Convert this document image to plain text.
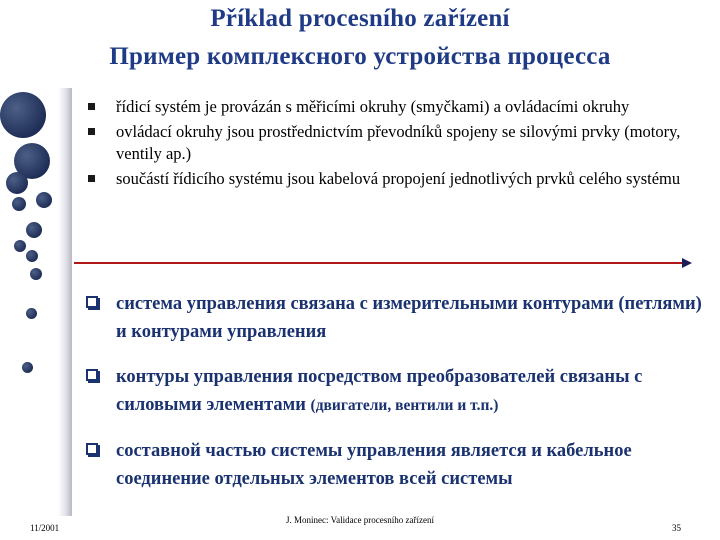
Příklad procesního zařízení
Пример комплексного устройства процесса
řídicí systém je provázán s měřicími okruhy (smyčkami) a ovládacími okruhy
ovládací okruhy jsou prostřednictvím převodníků spojeny se silovými prvky (motory, ventily ap.)
součástí řídicího systému jsou kabelová propojení jednotlivých prvků celého systému
система управления связана с измерительными контурами (петлями) и контурами управления
контуры управления посредством преобразователей связаны с силовыми элементами (двигатели, вентили и т.п.)
составной частью системы управления является и кабельное соединение отдельных элементов всей системы
11/2001
J. Moninec: Validace procesního zařízení
35
